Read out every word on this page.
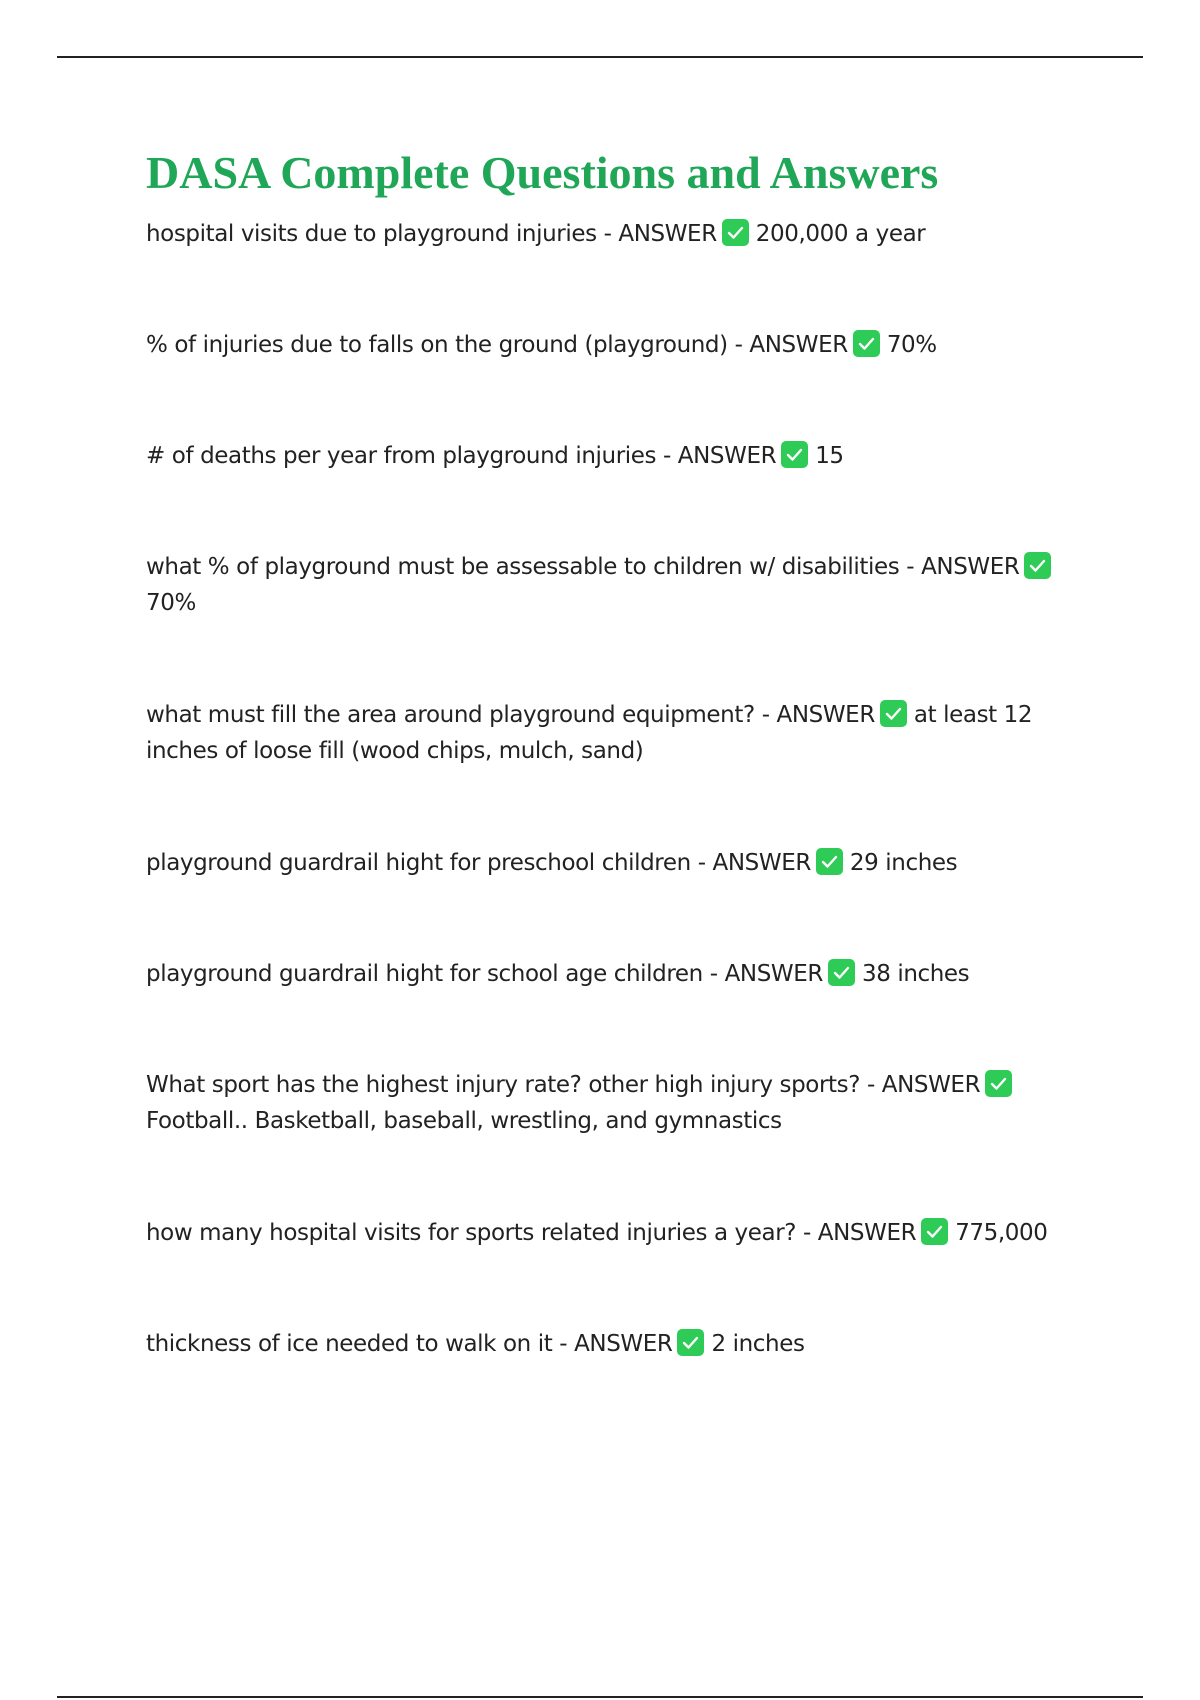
DASA Complete Questions and Answers
hospital visits due to playground injuries - ANSWER 200,000 a year
% of injuries due to falls on the ground (playground) - ANSWER 70%
# of deaths per year from playground injuries - ANSWER 15
what % of playground must be assessable to children w/ disabilities - ANSWER

70%
what must fill the area around playground equipment? - ANSWER at least 12 inches of loose fill (wood chips, mulch, sand)
playground guardrail hight for preschool children - ANSWER 29 inches
playground guardrail hight for school age children - ANSWER 38 inches
What sport has the highest injury rate? other high injury sports? - ANSWER

Football.. Basketball, baseball, wrestling, and gymnastics
how many hospital visits for sports related injuries a year? - ANSWER 775,000
thickness of ice needed to walk on it - ANSWER 2 inches
